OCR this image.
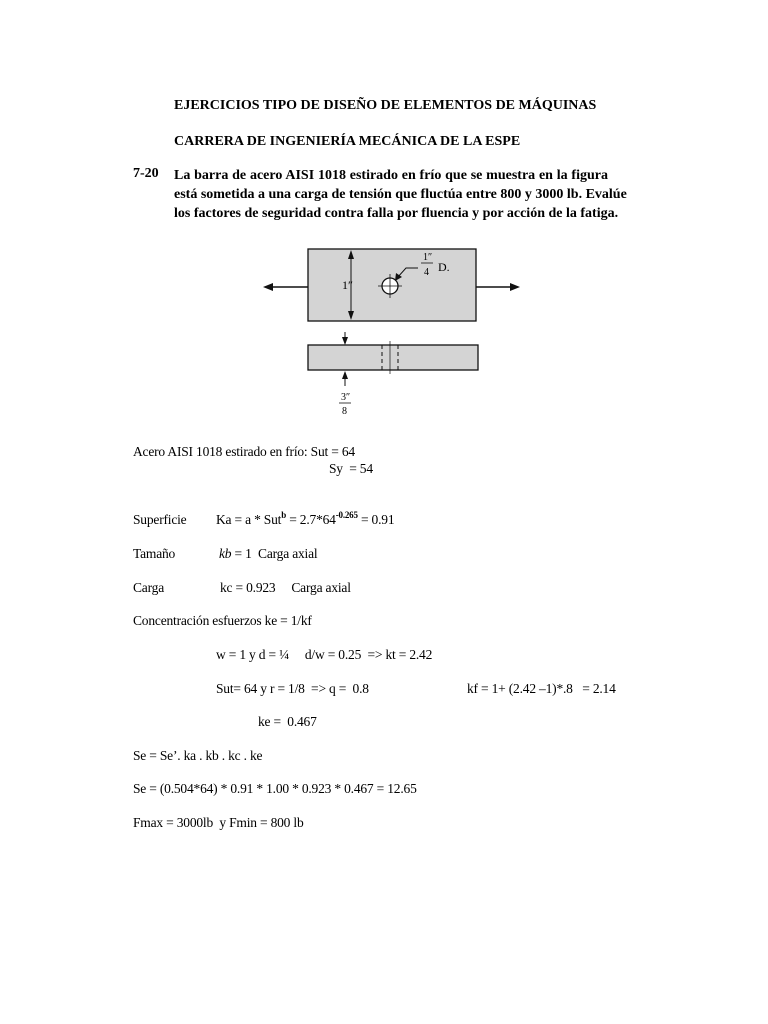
EJERCICIOS TIPO DE DISEÑO DE ELEMENTOS DE MÁQUINAS
CARRERA DE INGENIERÍA MECÁNICA DE LA ESPE
7-20 La barra de acero AISI 1018 estirado en frío que se muestra en la figura
está sometida a una carga de tensión que fluctúa entre 800 y 3000 lb. Evalúe
los factores de seguridad contra falla por fluencia y por acción de la fatiga.
1″
1″
4 D.
3″
8
Acero AISI 1018 estirado en frío: Sut = 64
Sy  = 54
Superficie $Ka = a * Sut^b = 2.7*64^{-0.265} = 0.91$
Tamaño	kb = 1 Carga axial
Carga	kc = 0.923 Carga axial
Concentración esfuerzos ke = 1/kf
w = 1 y d = ¼     d/w = 0.25  => kt = 2.42
Sut= 64 y r = 1/8  => q =  0.8	kf = 1+ (2.42 –1)*.8   = 2.14
ke =  0.467
Se = Se’. ka . kb . kc . ke
Se = (0.504*64) * 0.91 * 1.00 * 0.923 * 0.467 = 12.65
Fmax = 3000lb  y Fmin = 800 lb
